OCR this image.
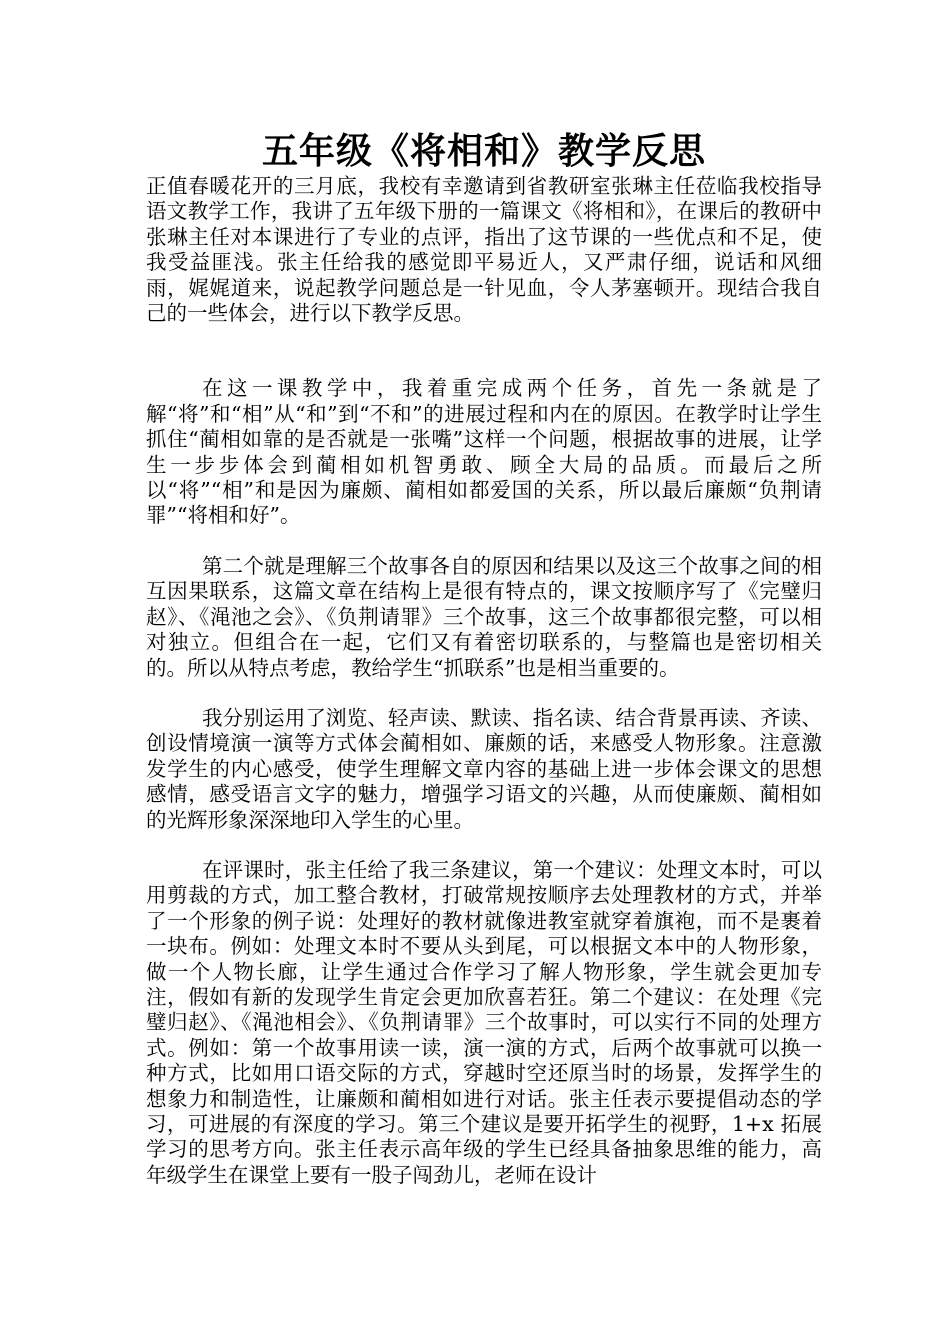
五年级《将相和》教学反思

正值春暖花开的三月底，我校有幸邀请到省教研室张琳主任莅临我校指导语文教学工作，我讲了五年级下册的一篇课文《将相和》，在课后的教研中张琳主任对本课进行了专业的点评，指出了这节课的一些优点和不足，使我受益匪浅。张主任给我的感觉即平易近人，又严肃仔细，说话和风细雨，娓娓道来，说起教学问题总是一针见血，令人茅塞顿开。现结合我自己的一些体会，进行以下教学反思。

在这一课教学中，我着重完成两个任务，首先一条就是了解“将”和“相”从“和”到“不和”的进展过程和内在的原因。在教学时让学生抓住“蔺相如靠的是否就是一张嘴”这样一个问题，根据故事的进展，让学生一步步体会到蔺相如机智勇敢、顾全大局的品质。而最后之所以“将”“相”和是因为廉颇、蔺相如都爱国的关系，所以最后廉颇“负荆请罪”“将相和好”。

第二个就是理解三个故事各自的原因和结果以及这三个故事之间的相互因果联系，这篇文章在结构上是很有特点的，课文按顺序写了《完璧归赵》、《渑池之会》、《负荆请罪》三个故事，这三个故事都很完整，可以相对独立。但组合在一起，它们又有着密切联系的，与整篇也是密切相关的。所以从特点考虑，教给学生“抓联系”也是相当重要的。

我分别运用了浏览、轻声读、默读、指名读、结合背景再读、齐读、创设情境演一演等方式体会蔺相如、廉颇的话，来感受人物形象。注意激发学生的内心感受，使学生理解文章内容的基础上进一步体会课文的思想感情，感受语言文字的魅力，增强学习语文的兴趣，从而使廉颇、蔺相如的光辉形象深深地印入学生的心里。

在评课时，张主任给了我三条建议，第一个建议：处理文本时，可以用剪裁的方式，加工整合教材，打破常规按顺序去处理教材的方式，并举了一个形象的例子说：处理好的教材就像进教室就穿着旗袍，而不是裹着一块布。例如：处理文本时不要从头到尾，可以根据文本中的人物形象，做一个人物长廊，让学生通过合作学习了解人物形象，学生就会更加专注，假如有新的发现学生肯定会更加欣喜若狂。第二个建议：在处理《完璧归赵》、《渑池相会》、《负荆请罪》三个故事时，可以实行不同的处理方式。例如：第一个故事用读一读，演一演的方式，后两个故事就可以换一种方式，比如用口语交际的方式，穿越时空还原当时的场景，发挥学生的想象力和制造性，让廉颇和蔺相如进行对话。张主任表示要提倡动态的学习，可进展的有深度的学习。第三个建议是要开拓学生的视野，1+x 拓展学习的思考方向。张主任表示高年级的学生已经具备抽象思维的能力，高年级学生在课堂上要有一股子闯劲儿，老师在设计
